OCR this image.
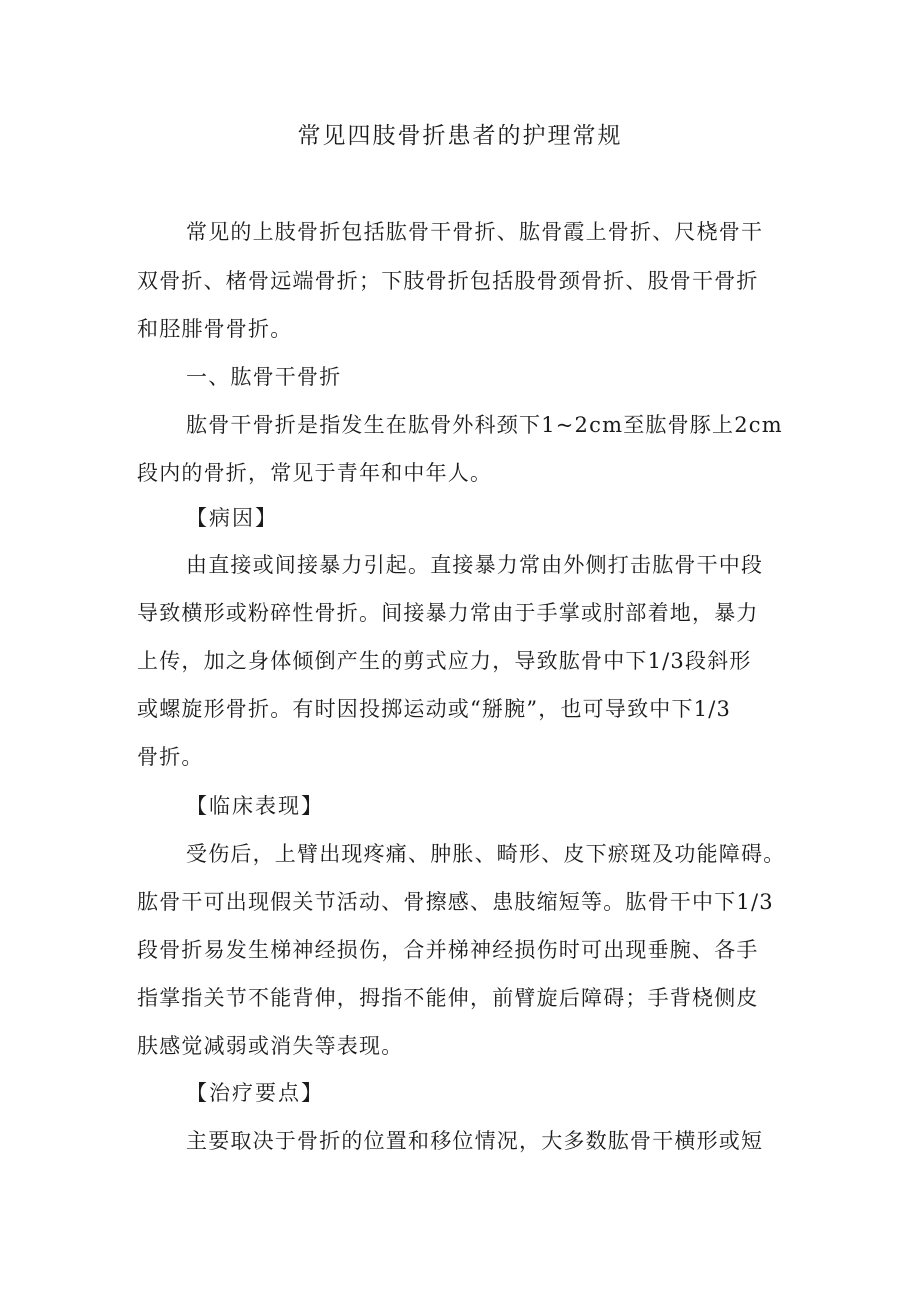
常见四肢骨折患者的护理常规
常见的上肢骨折包括肱骨干骨折、肱骨霞上骨折、尺桡骨干
双骨折、楮骨远端骨折；下肢骨折包括股骨颈骨折、股骨干骨折
和胫腓骨骨折。
一、肱骨干骨折
肱骨干骨折是指发生在肱骨外科颈下1~2cm至肱骨豚上2cm
段内的骨折，常见于青年和中年人。
【病因】
由直接或间接暴力引起。直接暴力常由外侧打击肱骨干中段
导致横形或粉碎性骨折。间接暴力常由于手掌或肘部着地，暴力
上传，加之身体倾倒产生的剪式应力，导致肱骨中下1/3段斜形
或螺旋形骨折。有时因投掷运动或“掰腕”，也可导致中下1/3
骨折。
【临床表现】
受伤后，上臂出现疼痛、肿胀、畸形、皮下瘀斑及功能障碍。
肱骨干可出现假关节活动、骨擦感、患肢缩短等。肱骨干中下1/3
段骨折易发生梯神经损伤，合并梯神经损伤时可出现垂腕、各手
指掌指关节不能背伸，拇指不能伸，前臂旋后障碍；手背桡侧皮
肤感觉减弱或消失等表现。
【治疗要点】
主要取决于骨折的位置和移位情况，大多数肱骨干横形或短
